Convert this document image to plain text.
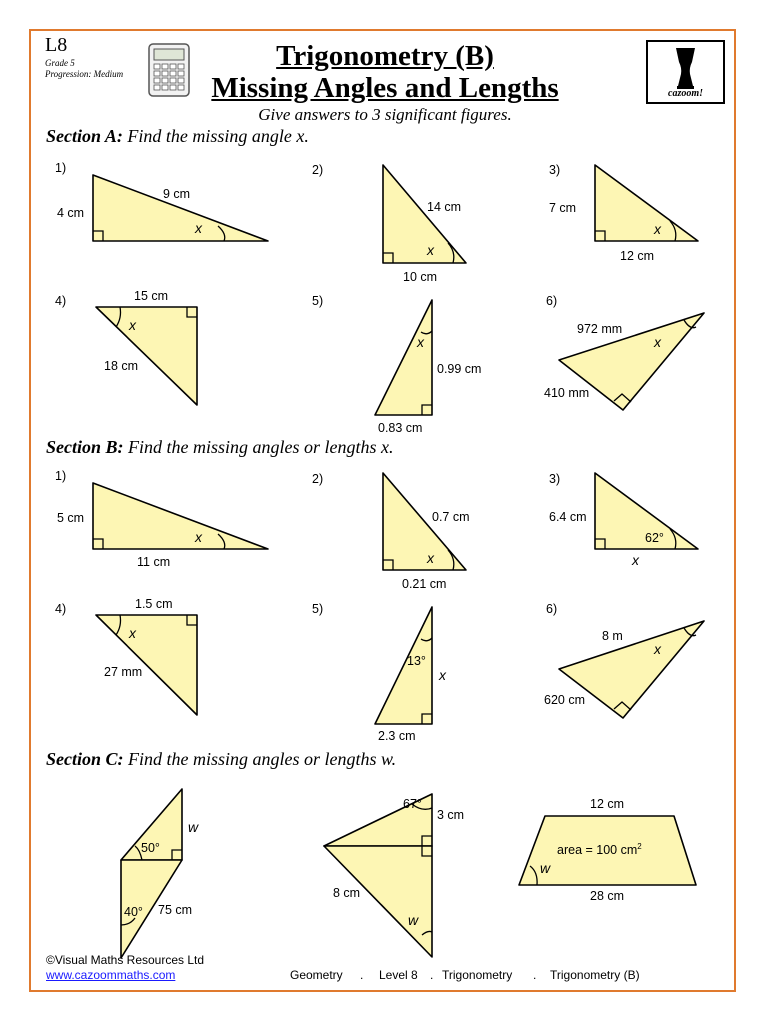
L8
Grade 5
Progression: Medium
Trigonometry (B)
Missing Angles and Lengths
Give answers to 3 significant figures.
cazoom!
Section A: Find the missing angle x.
Section B: Find the missing angles or lengths x.
Section C: Find the missing angles or lengths w.
1)
4 cm
9 cm
2)
14 cm
10 cm
3)
7 cm
12 cm
4)	15 cm
18 cm
5)
0.99 cm
0.83 cm
6)
972 mm
410 mm
1)
5 cm
11 cm
2)
0.7 cm
0.21 cm
3)
6.4 cm
62°
4)	1.5 cm
27 mm
5)
13°
2.3 cm
6)
8 m
620 cm
50°
40° 75 cm
67°
3 cm
8 cm
12 cm
28 cm
area = 100 $cm^2$
x
x
x
x
x	x
x
x	x
x
x
x
w
w
w
©Visual Maths Resources Ltd
www.cazoommaths.com	Geometry . Level 8 . Trigonometry . Trigonometry (B)
